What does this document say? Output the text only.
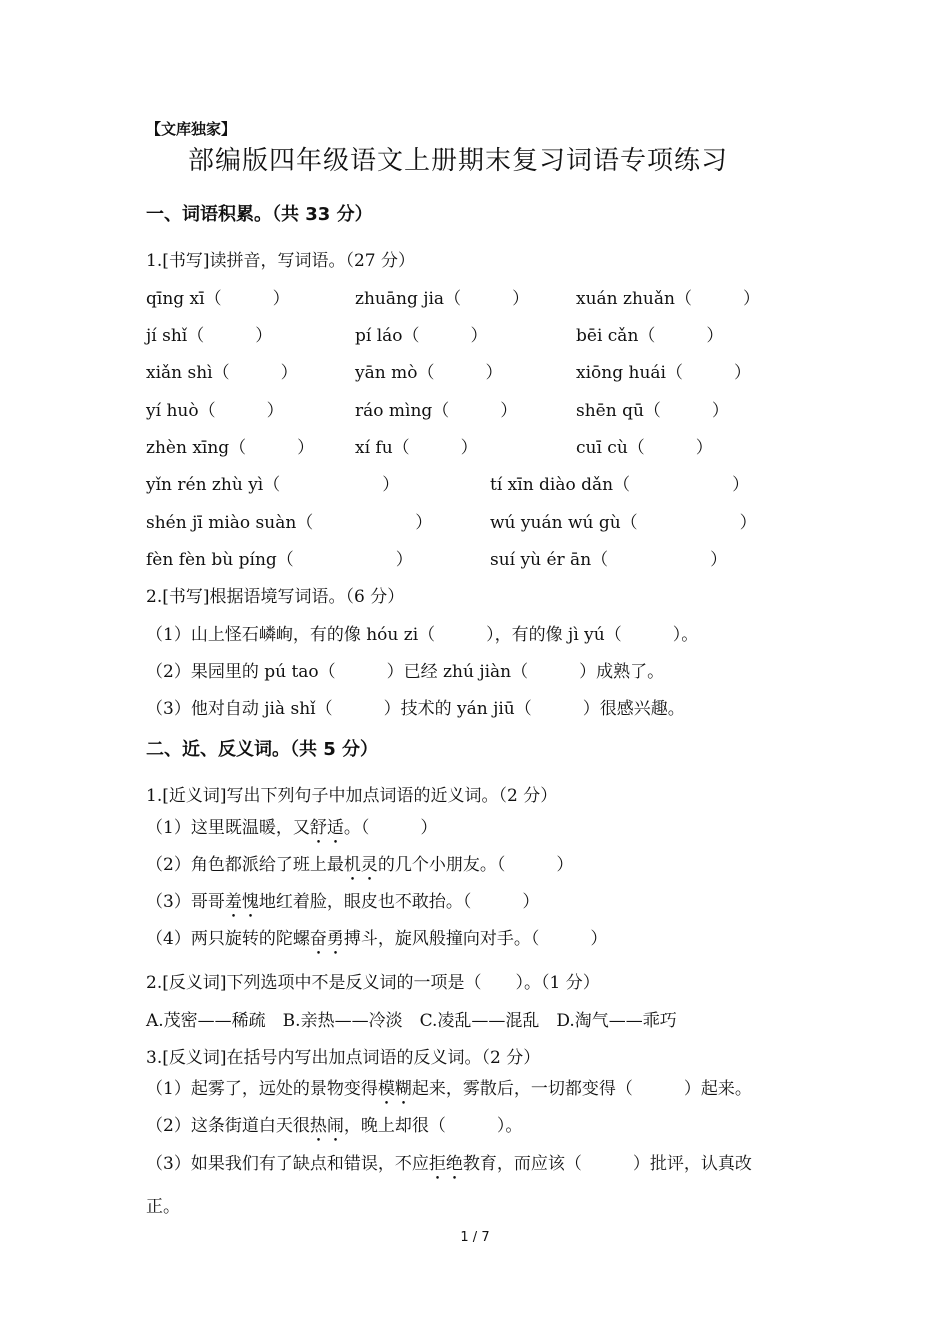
【文库独家】
部编版四年级语文上册期末复习词语专项练习
一、词语积累。（共 33 分）
1.[书写]读拼音，写词语。（27 分）
qīng xī（　　　）	zhuāng jia（　　　）	xuán zhuǎn（　　　）
jí shǐ（　　　）	pí láo（　　　）	bēi cǎn（　　　）
xiǎn shì（　　　）	yān mò（　　　）	xiōng huái（　　　）
yí huò（　　　）	ráo mìng（　　　）	shēn qū（　　　）
zhèn xīng（　　　） xí fu（　　　）	cuī cù（　　　）
yǐn rén zhù yì（　　　　　　）	tí xīn diào dǎn（　　　　　　）
shén jī miào suàn（　　　　　　）	wú yuán wú gù（　　　　　　）
fèn fèn bù píng（　　　　　　）	suí yù ér ān（　　　　　　）
2.[书写]根据语境写词语。（6 分）
（1）山上怪石嶙峋，有的像 hóu zi（　　　），有的像 jì yú（　　　）。
（2）果园里的 pú tao（　　　）已经 zhú jiàn（　　　）成熟了。
（3）他对自动 jià shǐ（　　　）技术的 yán jiū（　　　）很感兴趣。
二、近、反义词。（共 5 分）
1.[近义词]写出下列句子中加点词语的近义词。（2 分）
（1）这里既温暖，又舒适。（　　　）
（2）角色都派给了班上最机灵的几个小朋友。（　　　）
（3）哥哥羞愧地红着脸，眼皮也不敢抬。（　　　）
（4）两只旋转的陀螺奋勇搏斗，旋风般撞向对手。（　　　）
2.[反义词]下列选项中不是反义词的一项是（　　）。（1 分）
A.茂密——稀疏　B.亲热——冷淡　C.凌乱——混乱　D.淘气——乖巧
3.[反义词]在括号内写出加点词语的反义词。（2 分）
（1）起雾了，远处的景物变得模糊起来，雾散后，一切都变得（　　　）起来。
（2）这条街道白天很热闹，晚上却很（　　　）。
（3）如果我们有了缺点和错误，不应拒绝教育，而应该（　　　）批评，认真改
正。
1 / 7
